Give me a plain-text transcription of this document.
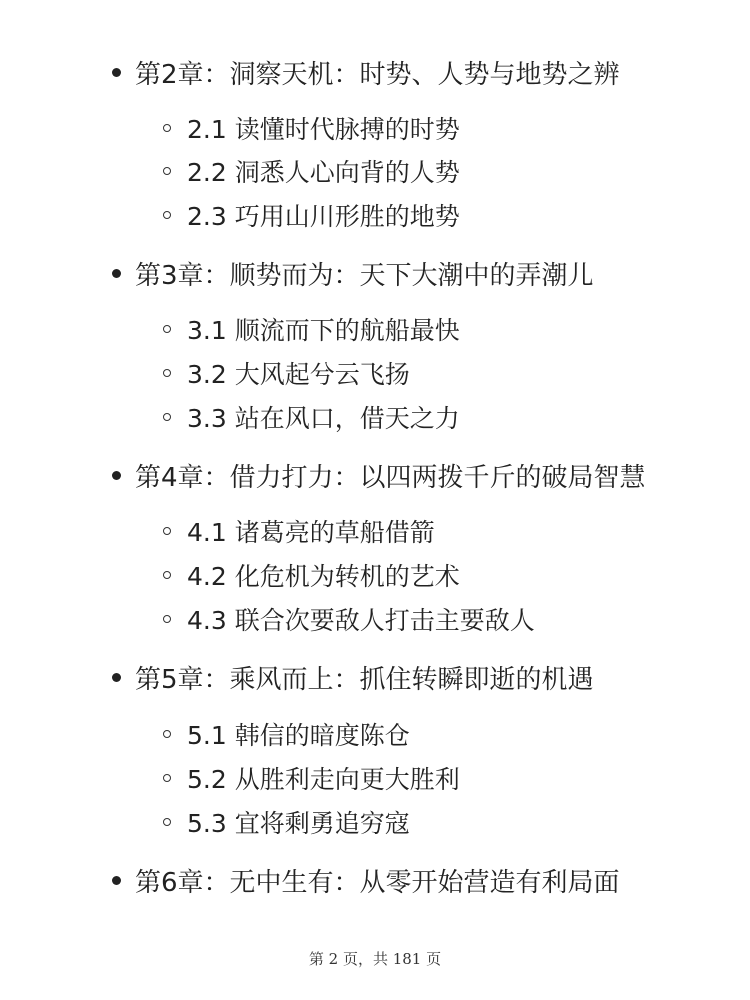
第2章：洞察天机：时势、人势与地势之辨
2.1 读懂时代脉搏的时势
2.2 洞悉人心向背的人势
2.3 巧用山川形胜的地势
第3章：顺势而为：天下大潮中的弄潮儿
3.1 顺流而下的航船最快
3.2 大风起兮云飞扬
3.3 站在风口，借天之力
第4章：借力打力：以四两拨千斤的破局智慧
4.1 诸葛亮的草船借箭
4.2 化危机为转机的艺术
4.3 联合次要敌人打击主要敌人
第5章：乘风而上：抓住转瞬即逝的机遇
5.1 韩信的暗度陈仓
5.2 从胜利走向更大胜利
5.3 宜将剩勇追穷寇
第6章：无中生有：从零开始营造有利局面
第 2 页，共 181 页
